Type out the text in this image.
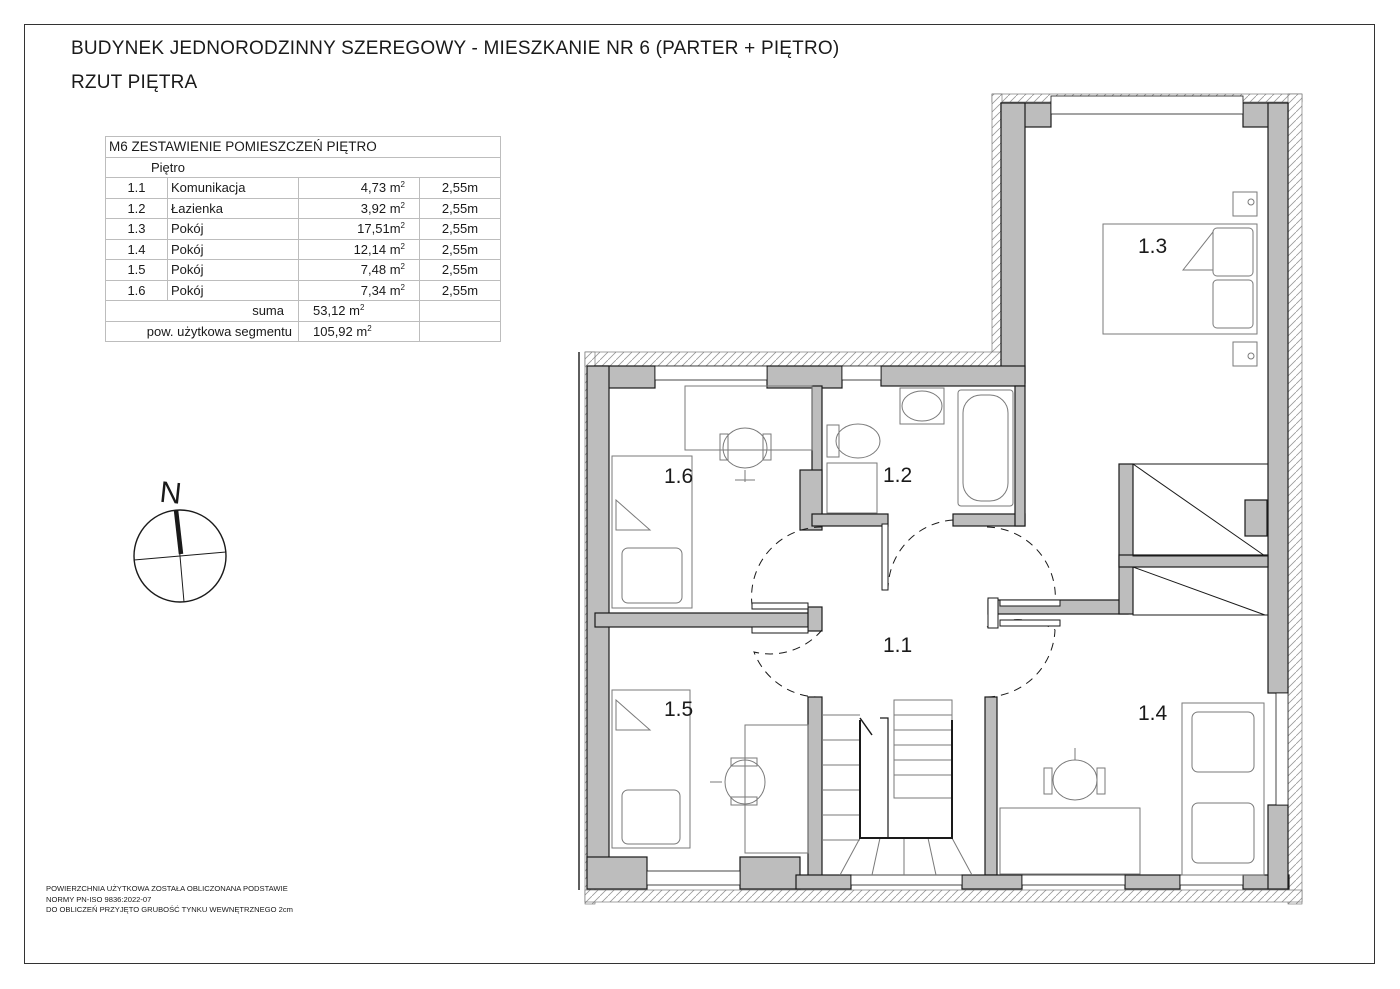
BUDYNEK JEDNORODZINNY SZEREGOWY - MIESZKANIE NR 6 (PARTER + PIĘTRO)
RZUT PIĘTRA
M6 ZESTAWIENIE POMIESZCZEŃ PIĘTRO			
Piętro			
1.1	Komunikacja	4,73 $m^2$	2,55m
1.2	Łazienka	3,92 $m^2$	2,55m
1.3	Pokój	$17,51m^2$	2,55m
1.4	Pokój	12,14 $m^2$	2,55m
1.5	Pokój	7,48 $m^2$	2,55m
1.6	Pokój	7,34 $m^2$	2,55m
suma		53,12 $m^2$	
pow. użytkowa segmentu		105,92 $m^2$	
N
1.1
1.2
1.3
1.4
1.5
1.6
POWIERZCHNIA UŻYTKOWA ZOSTAŁA OBLICZONANA PODSTAWIE
NORMY PN-ISO 9836:2022-07
DO OBLICZEŃ PRZYJĘTO GRUBOŚĆ TYNKU WEWNĘTRZNEGO 2cm
